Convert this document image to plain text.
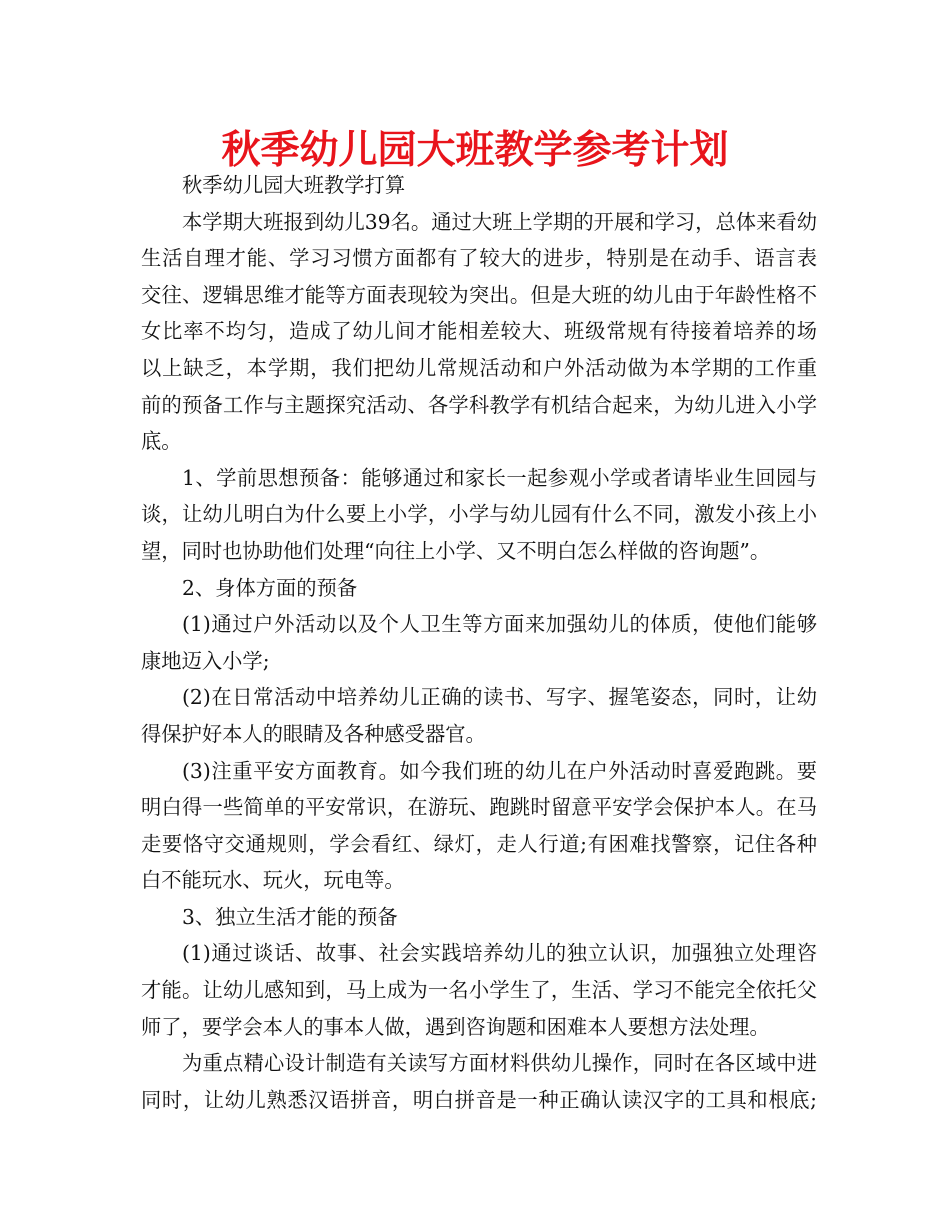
秋季幼儿园大班教学参考计划
秋季幼儿园大班教学打算
本学期大班报到幼儿39名。通过大班上学期的开展和学习，总体来看幼
生活自理才能、学习习惯方面都有了较大的进步，特别是在动手、语言表
交往、逻辑思维才能等方面表现较为突出。但是大班的幼儿由于年龄性格不
女比率不均匀，造成了幼儿间才能相差较大、班级常规有待接着培养的场
以上缺乏，本学期，我们把幼儿常规活动和户外活动做为本学期的工作重
前的预备工作与主题探究活动、各学科教学有机结合起来，为幼儿进入小学
底。
1、学前思想预备：能够通过和家长一起参观小学或者请毕业生回园与
谈，让幼儿明白为什么要上小学，小学与幼儿园有什么不同，激发小孩上小
望，同时也协助他们处理“向往上小学、又不明白怎么样做的咨询题”。
2、身体方面的预备
(1)通过户外活动以及个人卫生等方面来加强幼儿的体质，使他们能够
康地迈入小学;
(2)在日常活动中培养幼儿正确的读书、写字、握笔姿态，同时，让幼
得保护好本人的眼睛及各种感受器官。
(3)注重平安方面教育。如今我们班的幼儿在户外活动时喜爱跑跳。要
明白得一些简单的平安常识，在游玩、跑跳时留意平安学会保护本人。在马
走要恪守交通规则，学会看红、绿灯，走人行道;有困难找警察，记住各种
白不能玩水、玩火，玩电等。
3、独立生活才能的预备
(1)通过谈话、故事、社会实践培养幼儿的独立认识，加强独立处理咨
才能。让幼儿感知到，马上成为一名小学生了，生活、学习不能完全依托父
师了，要学会本人的事本人做，遇到咨询题和困难本人要想方法处理。
为重点精心设计制造有关读写方面材料供幼儿操作，同时在各区域中进
同时，让幼儿熟悉汉语拼音，明白拼音是一种正确认读汉字的工具和根底;
